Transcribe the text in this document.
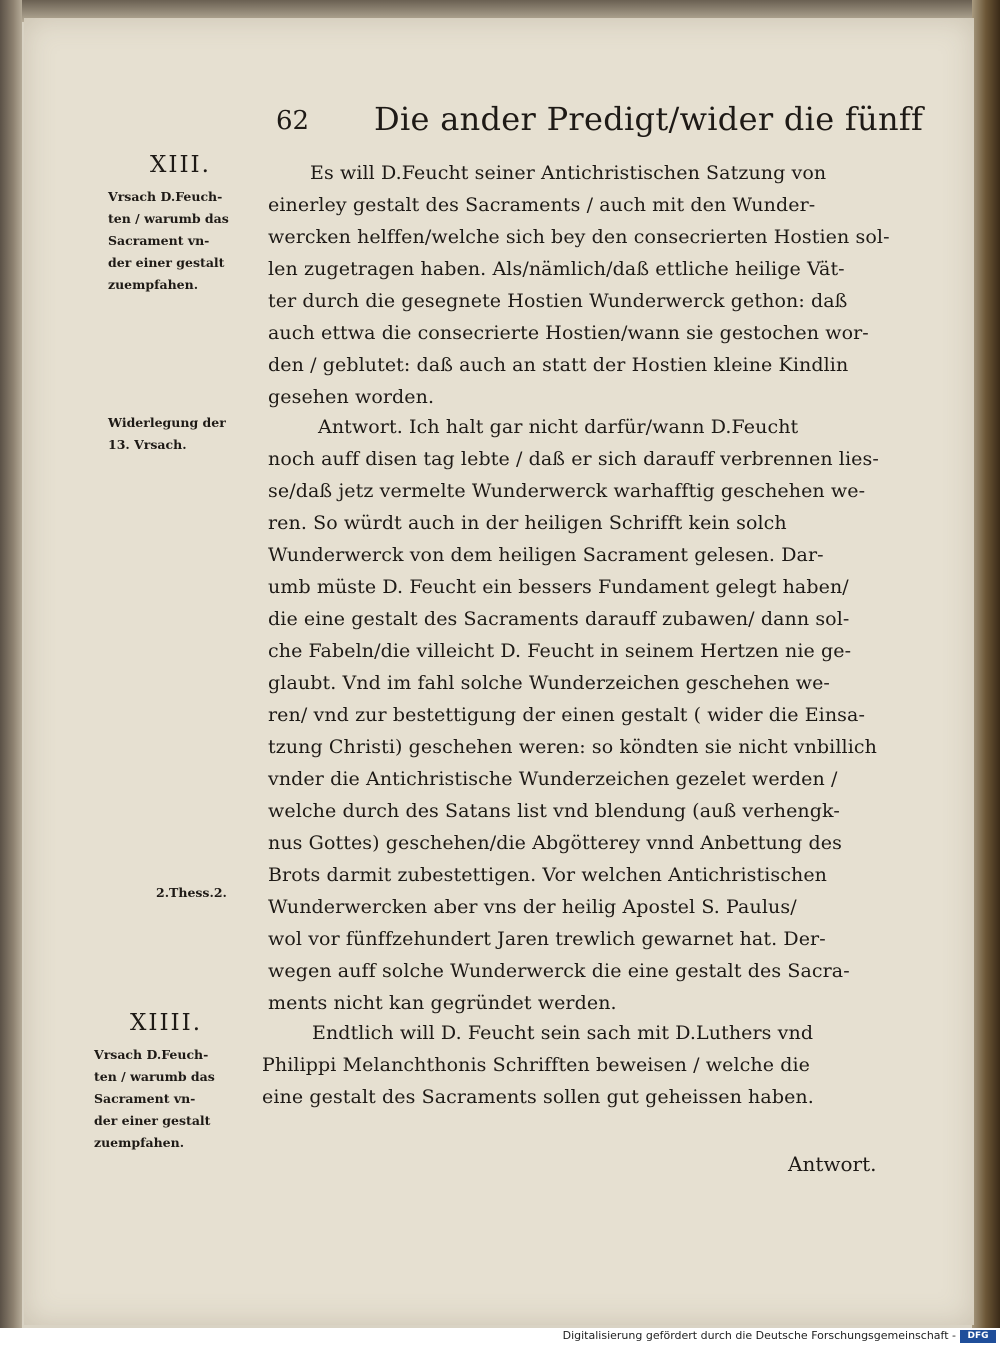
62 Die ander Predigt/wider die fünff
XIII.
Vrsach D.Feuch-
ten / warumb das
Sacrament vn-
der einer gestalt
zuempfahen.
Widerlegung der
13. Vrsach.
2.Thess.2.
XIIII.
Vrsach D.Feuch-
ten / warumb das
Sacrament vn-
der einer gestalt
zuempfahen.
Es will D.Feucht seiner Antichristischen Satzung von
einerley gestalt des Sacraments / auch mit den Wunder-
wercken helffen/welche sich bey den consecrierten Hostien sol-
len zugetragen haben. Als/nämlich/daß ettliche heilige Vät-
ter durch die gesegnete Hostien Wunderwerck gethon: daß
auch ettwa die consecrierte Hostien/wann sie gestochen wor-
den / geblutet: daß auch an statt der Hostien kleine Kindlin
gesehen worden.
Antwort. Ich halt gar nicht darfür/wann D.Feucht
noch auff disen tag lebte / daß er sich darauff verbrennen lies-
se/daß jetz vermelte Wunderwerck warhafftig geschehen we-
ren. So würdt auch in der heiligen Schrifft kein solch
Wunderwerck von dem heiligen Sacrament gelesen. Dar-
umb müste D. Feucht ein bessers Fundament gelegt haben/
die eine gestalt des Sacraments darauff zubawen/ dann sol-
che Fabeln/die villeicht D. Feucht in seinem Hertzen nie ge-
glaubt. Vnd im fahl solche Wunderzeichen geschehen we-
ren/ vnd zur bestettigung der einen gestalt ( wider die Einsa-
tzung Christi) geschehen weren: so köndten sie nicht vnbillich
vnder die Antichristische Wunderzeichen gezelet werden /
welche durch des Satans list vnd blendung (auß verhengk-
nus Gottes) geschehen/die Abgötterey vnnd Anbettung des
Brots darmit zubestettigen. Vor welchen Antichristischen
Wunderwercken aber vns der heilig Apostel S. Paulus/
wol vor fünffzehundert Jaren trewlich gewarnet hat. Der-
wegen auff solche Wunderwerck die eine gestalt des Sacra-
ments nicht kan gegründet werden.
Endtlich will D. Feucht sein sach mit D.Luthers vnd
Philippi Melanchthonis Schrifften beweisen / welche die
eine gestalt des Sacraments sollen gut geheissen haben.
Antwort.
Digitalisierung gefördert durch die Deutsche Forschungsgemeinschaft -	DFG
